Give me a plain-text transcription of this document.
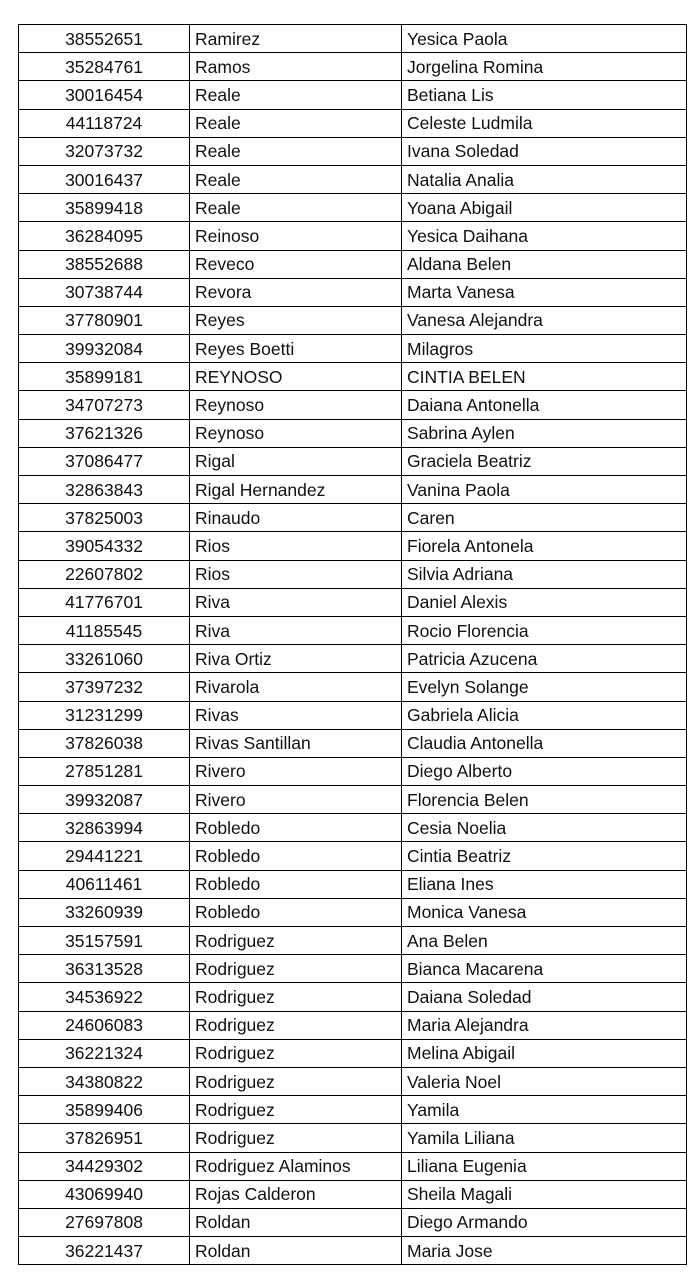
38552651	Ramirez	Yesica Paola
35284761	Ramos	Jorgelina Romina
30016454	Reale	Betiana Lis
44118724	Reale	Celeste Ludmila
32073732	Reale	Ivana Soledad
30016437	Reale	Natalia Analia
35899418	Reale	Yoana Abigail
36284095	Reinoso	Yesica Daihana
38552688	Reveco	Aldana Belen
30738744	Revora	Marta Vanesa
37780901	Reyes	Vanesa Alejandra
39932084	Reyes Boetti	Milagros
35899181	REYNOSO	CINTIA BELEN
34707273	Reynoso	Daiana Antonella
37621326	Reynoso	Sabrina Aylen
37086477	Rigal	Graciela Beatriz
32863843	Rigal Hernandez	Vanina Paola
37825003	Rinaudo	Caren
39054332	Rios	Fiorela Antonela
22607802	Rios	Silvia Adriana
41776701	Riva	Daniel Alexis
41185545	Riva	Rocio Florencia
33261060	Riva Ortiz	Patricia Azucena
37397232	Rivarola	Evelyn Solange
31231299	Rivas	Gabriela Alicia
37826038	Rivas Santillan	Claudia Antonella
27851281	Rivero	Diego Alberto
39932087	Rivero	Florencia Belen
32863994	Robledo	Cesia Noelia
29441221	Robledo	Cintia Beatriz
40611461	Robledo	Eliana Ines
33260939	Robledo	Monica Vanesa
35157591	Rodriguez	Ana Belen
36313528	Rodriguez	Bianca Macarena
34536922	Rodriguez	Daiana Soledad
24606083	Rodriguez	Maria Alejandra
36221324	Rodriguez	Melina Abigail
34380822	Rodriguez	Valeria Noel
35899406	Rodriguez	Yamila
37826951	Rodriguez	Yamila Liliana
34429302	Rodriguez Alaminos	Liliana Eugenia
43069940	Rojas Calderon	Sheila Magali
27697808	Roldan	Diego Armando
36221437	Roldan	Maria Jose
